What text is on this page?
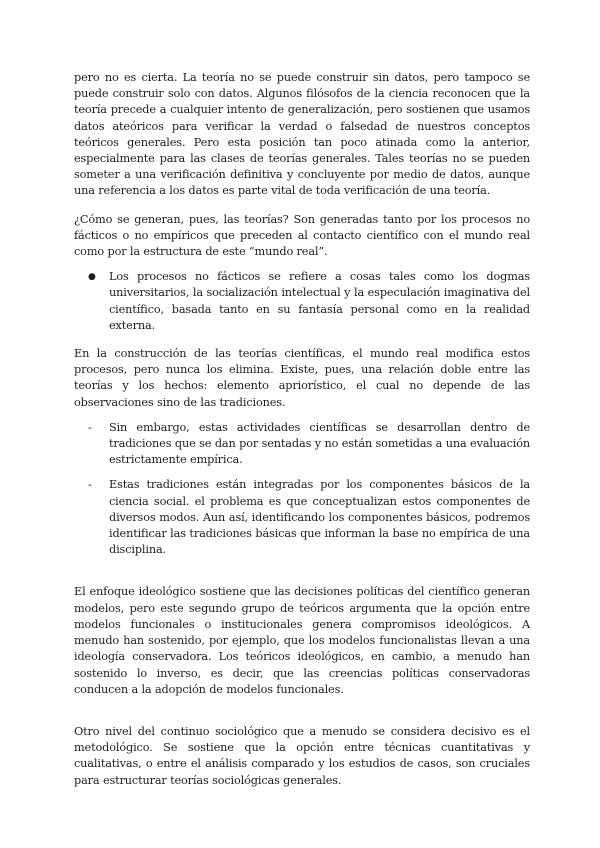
pero no es cierta. La teoría no se puede construir sin datos, pero tampoco se puede construir solo con datos. Algunos filósofos de la ciencia reconocen que la teoría precede a cualquier intento de generalización, pero sostienen que usamos datos ateóricos para verificar la verdad o falsedad de nuestros conceptos teóricos generales. Pero esta posición tan poco atinada como la anterior, especialmente para las clases de teorías generales. Tales teorías no se pueden someter a una verificación definitiva y concluyente por medio de datos, aunque una referencia a los datos es parte vital de toda verificación de una teoría.

¿Cómo se generan, pues, las teorías? Son generadas tanto por los procesos no fácticos o no empíricos que preceden al contacto científico con el mundo real como por la estructura de este “mundo real”.

● Los procesos no fácticos se refiere a cosas tales como los dogmas universitarios, la socialización intelectual y la especulación imaginativa del científico, basada tanto en su fantasía personal como en la realidad externa.

En la construcción de las teorías científicas, el mundo real modifica estos procesos, pero nunca los elimina. Existe, pues, una relación doble entre las teorías y los hechos: elemento apriorístico, el cual no depende de las observaciones sino de las tradiciones.

- Sin embargo, estas actividades científicas se desarrollan dentro de tradiciones que se dan por sentadas y no están sometidas a una evaluación estrictamente empírica.

- Estas tradiciones están integradas por los componentes básicos de la ciencia social. el problema es que conceptualizan estos componentes de diversos modos. Aun así, identificando los componentes básicos, podremos identificar las tradiciones básicas que informan la base no empírica de una disciplina.

El enfoque ideológico sostiene que las decisiones políticas del científico generan modelos, pero este segundo grupo de teóricos argumenta que la opción entre modelos funcionales o institucionales genera compromisos ideológicos. A menudo han sostenido, por ejemplo, que los modelos funcionalistas llevan a una ideología conservadora. Los teóricos ideológicos, en cambio, a menudo han sostenido lo inverso, es decir, que las creencias políticas conservadoras conducen a la adopción de modelos funcionales.

Otro nivel del continuo sociológico que a menudo se considera decisivo es el metodológico. Se sostiene que la opción entre técnicas cuantitativas y cualitativas, o entre el análisis comparado y los estudios de casos, son cruciales para estructurar teorías sociológicas generales.
